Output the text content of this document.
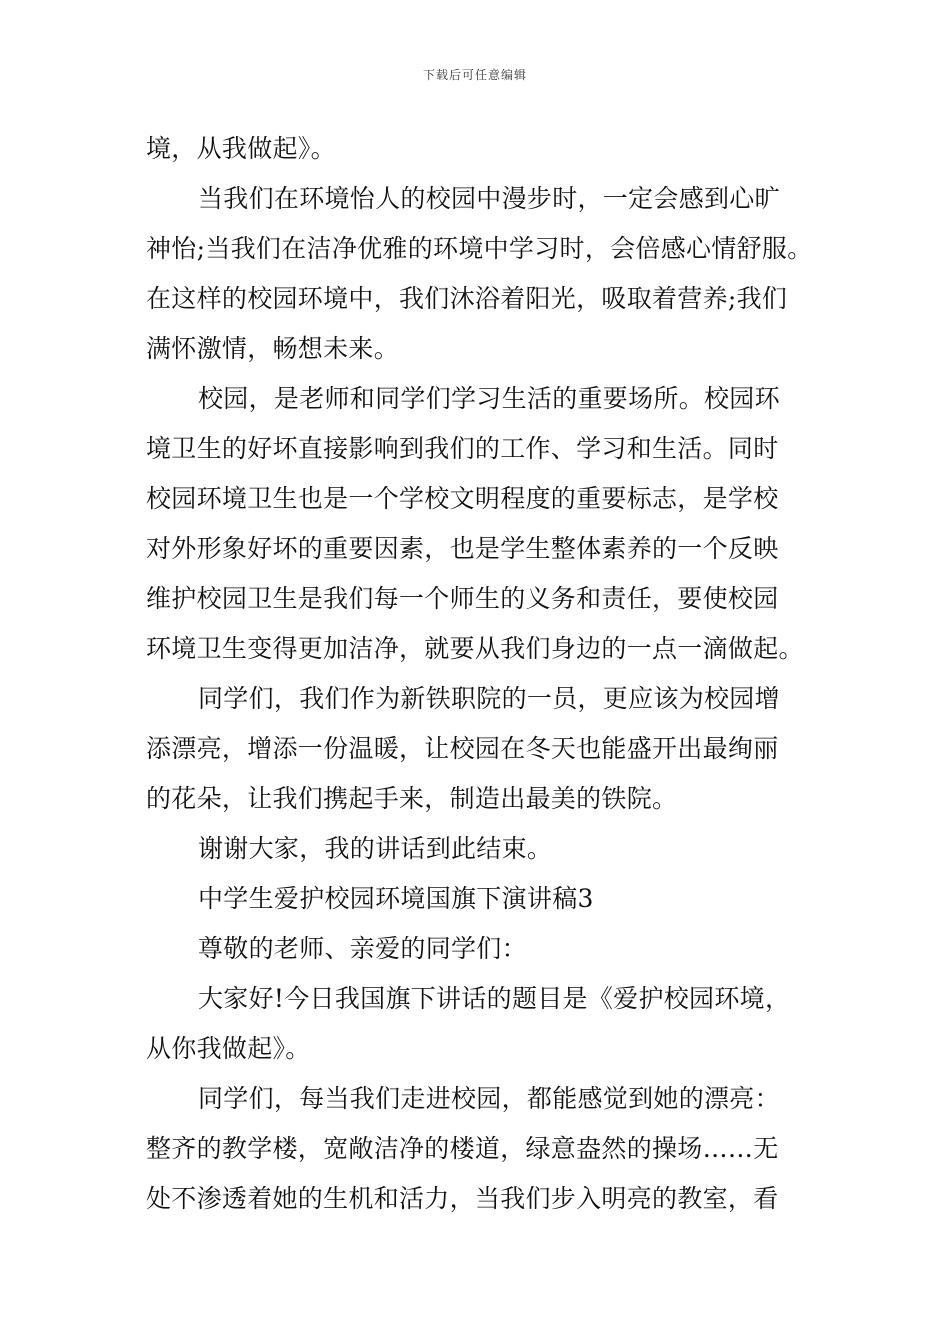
下载后可任意编辑
境，从我做起》。
当我们在环境怡人的校园中漫步时，一定会感到心旷
神怡;当我们在洁净优雅的环境中学习时，会倍感心情舒服。
在这样的校园环境中，我们沐浴着阳光，吸取着营养;我们
满怀激情，畅想未来。
校园，是老师和同学们学习生活的重要场所。校园环
境卫生的好坏直接影响到我们的工作、学习和生活。同时
校园环境卫生也是一个学校文明程度的重要标志，是学校
对外形象好坏的重要因素，也是学生整体素养的一个反映
维护校园卫生是我们每一个师生的义务和责任，要使校园
环境卫生变得更加洁净，就要从我们身边的一点一滴做起。
同学们，我们作为新铁职院的一员，更应该为校园增
添漂亮，增添一份温暖，让校园在冬天也能盛开出最绚丽
的花朵，让我们携起手来，制造出最美的铁院。
谢谢大家，我的讲话到此结束。
中学生爱护校园环境国旗下演讲稿3
尊敬的老师、亲爱的同学们：
大家好!今日我国旗下讲话的题目是《爱护校园环境，
从你我做起》。
同学们，每当我们走进校园，都能感觉到她的漂亮：
整齐的教学楼，宽敞洁净的楼道，绿意盎然的操场……无
处不渗透着她的生机和活力，当我们步入明亮的教室，看
